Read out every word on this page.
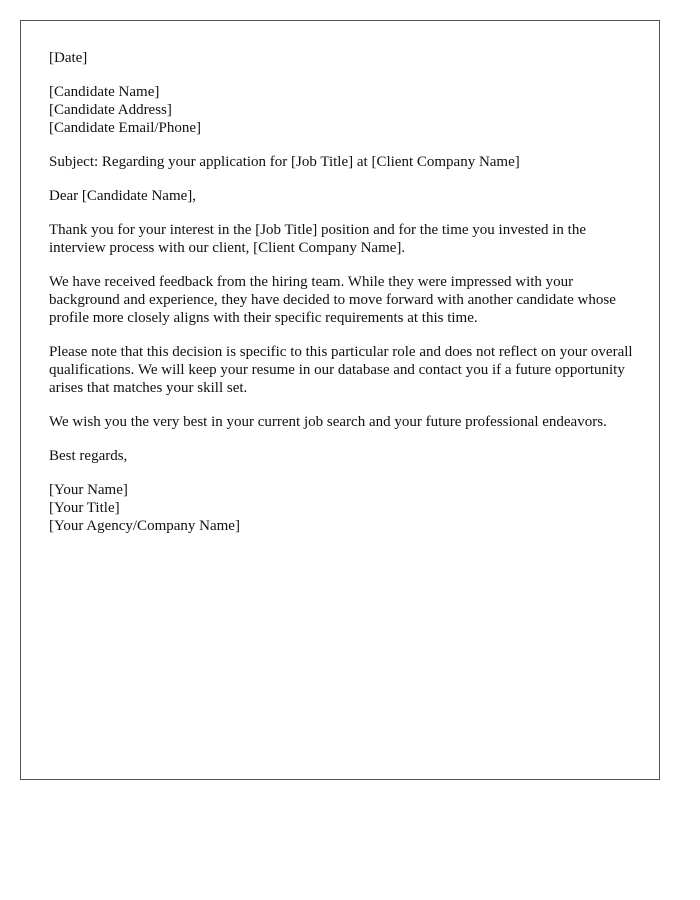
[Date]
[Candidate Name]
[Candidate Address]
[Candidate Email/Phone]

Subject: Regarding your application for [Job Title] at [Client Company Name]

Dear [Candidate Name],

Thank you for your interest in the [Job Title] position and for the time you invested in the interview process with our client, [Client Company Name].

We have received feedback from the hiring team. While they were impressed with your background and experience, they have decided to move forward with another candidate whose profile more closely aligns with their specific requirements at this time.

Please note that this decision is specific to this particular role and does not reflect on your overall qualifications. We will keep your resume in our database and contact you if a future opportunity arises that matches your skill set.

We wish you the very best in your current job search and your future professional endeavors.

Best regards,

[Your Name]
[Your Title]
[Your Agency/Company Name]
